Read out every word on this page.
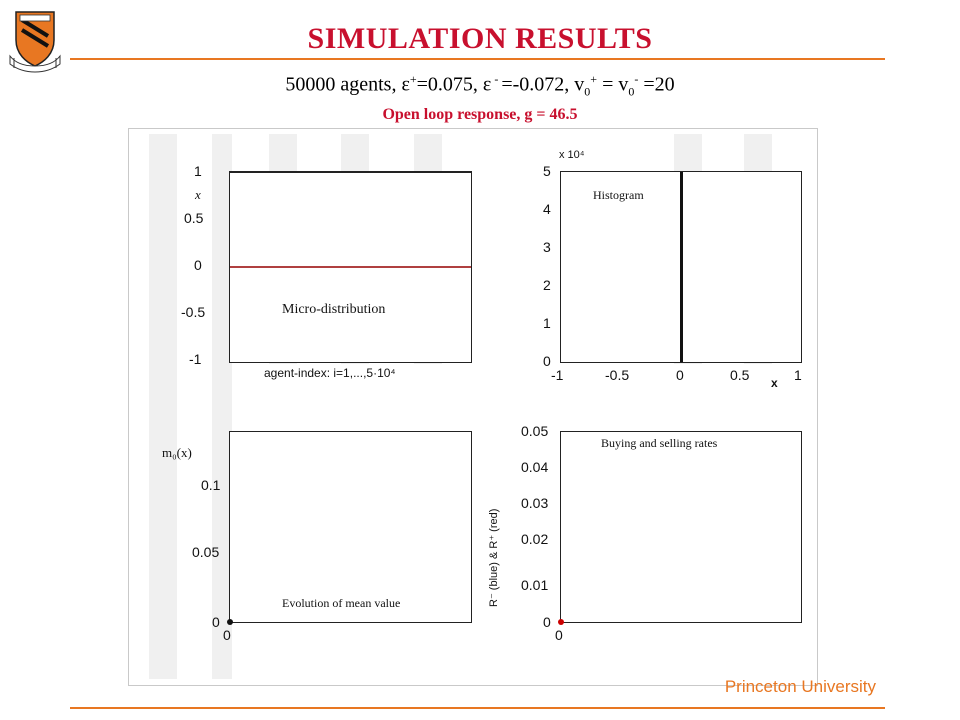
SIMULATION RESULTS
50000 agents, ε+=0.075, ε - =-0.072, $v_0^+ = v_0^- =20$
Open loop response, g = 46.5
Micro-distribution
1
0.5
0
-0.5
-1
x
agent-index: i=1,...,5·10⁴
Histogram
x 10⁴
5
4
3
2
1
0
-1	-0.5	0	0.5	1
x
Evolution of mean value
m₀(x)
0.1
0.05
0
0
Buying and selling rates
R⁻ (blue) & R⁺ (red)
0.05
0.04
0.03
0.02
0.01
0
0
Princeton University
